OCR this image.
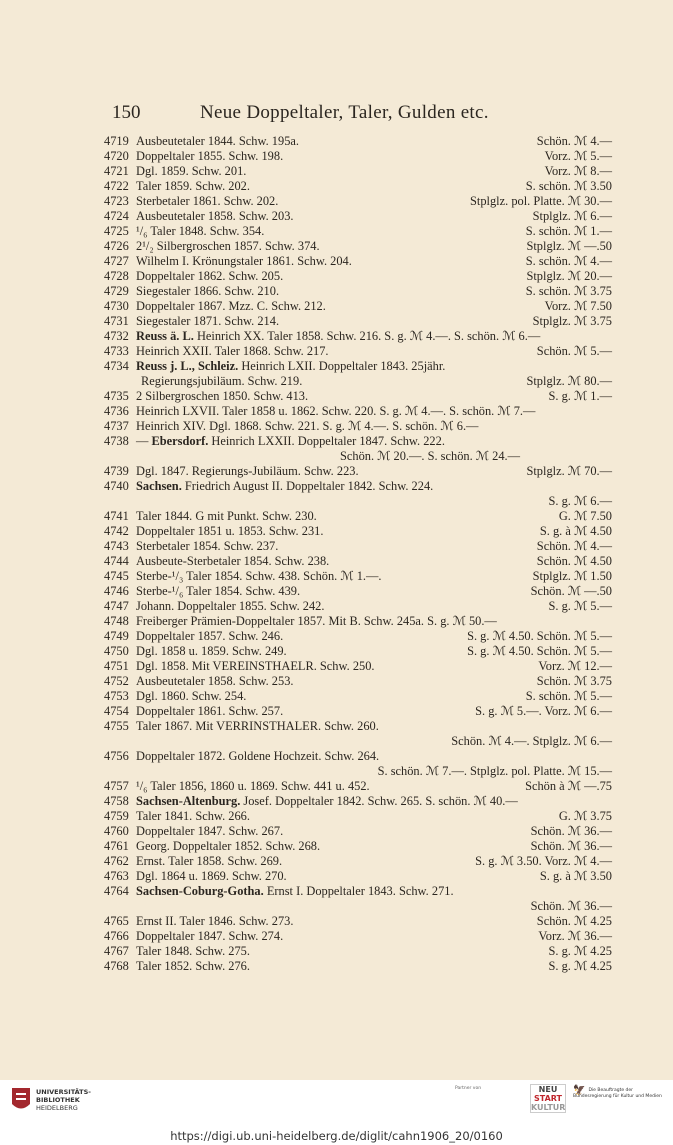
150	Neue Doppeltaler, Taler, Gulden etc.
4719 Ausbeutetaler 1844. Schw. 195a.	Schön. ℳ 4.—
4720 Doppeltaler 1855. Schw. 198.	Vorz. ℳ 5.—
4721 Dgl. 1859. Schw. 201.	Vorz. ℳ 8.—
4722 Taler 1859. Schw. 202.	S. schön. ℳ 3.50
4723 Sterbetaler 1861. Schw. 202.	Stplglz. pol. Platte. ℳ 30.—
4724 Ausbeutetaler 1858. Schw. 203.	Stplglz. ℳ 6.—
4725 ¹/₆ Taler 1848. Schw. 354.	S. schön. ℳ 1.—
4726 2¹/₂ Silbergroschen 1857. Schw. 374.	Stplglz. ℳ —.50
4727 Wilhelm I. Krönungstaler 1861. Schw. 204.	S. schön. ℳ 4.—
4728 Doppeltaler 1862. Schw. 205.	Stplglz. ℳ 20.—
4729 Siegestaler 1866. Schw. 210.	S. schön. ℳ 3.75
4730 Doppeltaler 1867. Mzz. C. Schw. 212.	Vorz. ℳ 7.50
4731 Siegestaler 1871. Schw. 214.	Stplglz. ℳ 3.75
4732 Reuss ä. L. Heinrich XX. Taler 1858. Schw. 216. S. g. ℳ 4.—. S. schön. ℳ 6.—
4733 Heinrich XXII. Taler 1868. Schw. 217.	Schön. ℳ 5.—
4734 Reuss j. L., Schleiz. Heinrich LXII. Doppeltaler 1843. 25jähr.
Regierungsjubiläum. Schw. 219.	Stplglz. ℳ 80.—
4735 2 Silbergroschen 1850. Schw. 413.	S. g. ℳ 1.—
4736 Heinrich LXVII. Taler 1858 u. 1862. Schw. 220. S. g. ℳ 4.—. S. schön. ℳ 7.—
4737 Heinrich XIV. Dgl. 1868. Schw. 221. S. g. ℳ 4.—. S. schön. ℳ 6.—
4738 — Ebersdorf. Heinrich LXXII. Doppeltaler 1847. Schw. 222.
Schön. ℳ 20.—. S. schön. ℳ 24.—
4739 Dgl. 1847. Regierungs-Jubiläum. Schw. 223.	Stplglz. ℳ 70.—
4740 Sachsen. Friedrich August II. Doppeltaler 1842. Schw. 224.
S. g. ℳ 6.—
4741 Taler 1844. G mit Punkt. Schw. 230.	G. ℳ 7.50
4742 Doppeltaler 1851 u. 1853. Schw. 231.	S. g. à ℳ 4.50
4743 Sterbetaler 1854. Schw. 237.	Schön. ℳ 4.—
4744 Ausbeute-Sterbetaler 1854. Schw. 238.	Schön. ℳ 4.50
4745 Sterbe-¹/₃ Taler 1854. Schw. 438. Schön. ℳ 1.—.	Stplglz. ℳ 1.50
4746 Sterbe-¹/₆ Taler 1854. Schw. 439.	Schön. ℳ —.50
4747 Johann. Doppeltaler 1855. Schw. 242.	S. g. ℳ 5.—
4748 Freiberger Prämien-Doppeltaler 1857. Mit B. Schw. 245a. S. g. ℳ 50.—
4749 Doppeltaler 1857. Schw. 246.	S. g. ℳ 4.50. Schön. ℳ 5.—
4750 Dgl. 1858 u. 1859. Schw. 249.	S. g. ℳ 4.50. Schön. ℳ 5.—
4751 Dgl. 1858. Mit VEREINSTHAELR. Schw. 250.	Vorz. ℳ 12.—
4752 Ausbeutetaler 1858. Schw. 253.	Schön. ℳ 3.75
4753 Dgl. 1860. Schw. 254.	S. schön. ℳ 5.—
4754 Doppeltaler 1861. Schw. 257.	S. g. ℳ 5.—. Vorz. ℳ 6.—
4755 Taler 1867. Mit VERRINSTHALER. Schw. 260.
Schön. ℳ 4.—. Stplglz. ℳ 6.—
4756 Doppeltaler 1872. Goldene Hochzeit. Schw. 264.
S. schön. ℳ 7.—. Stplglz. pol. Platte. ℳ 15.—
4757 ¹/₆ Taler 1856, 1860 u. 1869. Schw. 441 u. 452.	Schön à ℳ —.75
4758 Sachsen-Altenburg. Josef. Doppeltaler 1842. Schw. 265. S. schön. ℳ 40.—
4759 Taler 1841. Schw. 266.	G. ℳ 3.75
4760 Doppeltaler 1847. Schw. 267.	Schön. ℳ 36.—
4761 Georg. Doppeltaler 1852. Schw. 268.	Schön. ℳ 36.—
4762 Ernst. Taler 1858. Schw. 269.	S. g. ℳ 3.50. Vorz. ℳ 4.—
4763 Dgl. 1864 u. 1869. Schw. 270.	S. g. à ℳ 3.50
4764 Sachsen-Coburg-Gotha. Ernst I. Doppeltaler 1843. Schw. 271.
Schön. ℳ 36.—
4765 Ernst II. Taler 1846. Schw. 273.	Schön. ℳ 4.25
4766 Doppeltaler 1847. Schw. 274.	Vorz. ℳ 36.—
4767 Taler 1848. Schw. 275.	S. g. ℳ 4.25
4768 Taler 1852. Schw. 276.	S. g. ℳ 4.25
UNIVERSITÄTS-
BIBLIOTHEK
HEIDELBERG
Partner von	NEU
START
KULTUR
🦅 Die Beauftragte der Bundesregierung für Kultur und Medien
https://digi.ub.uni-heidelberg.de/diglit/cahn1906_20/0160
